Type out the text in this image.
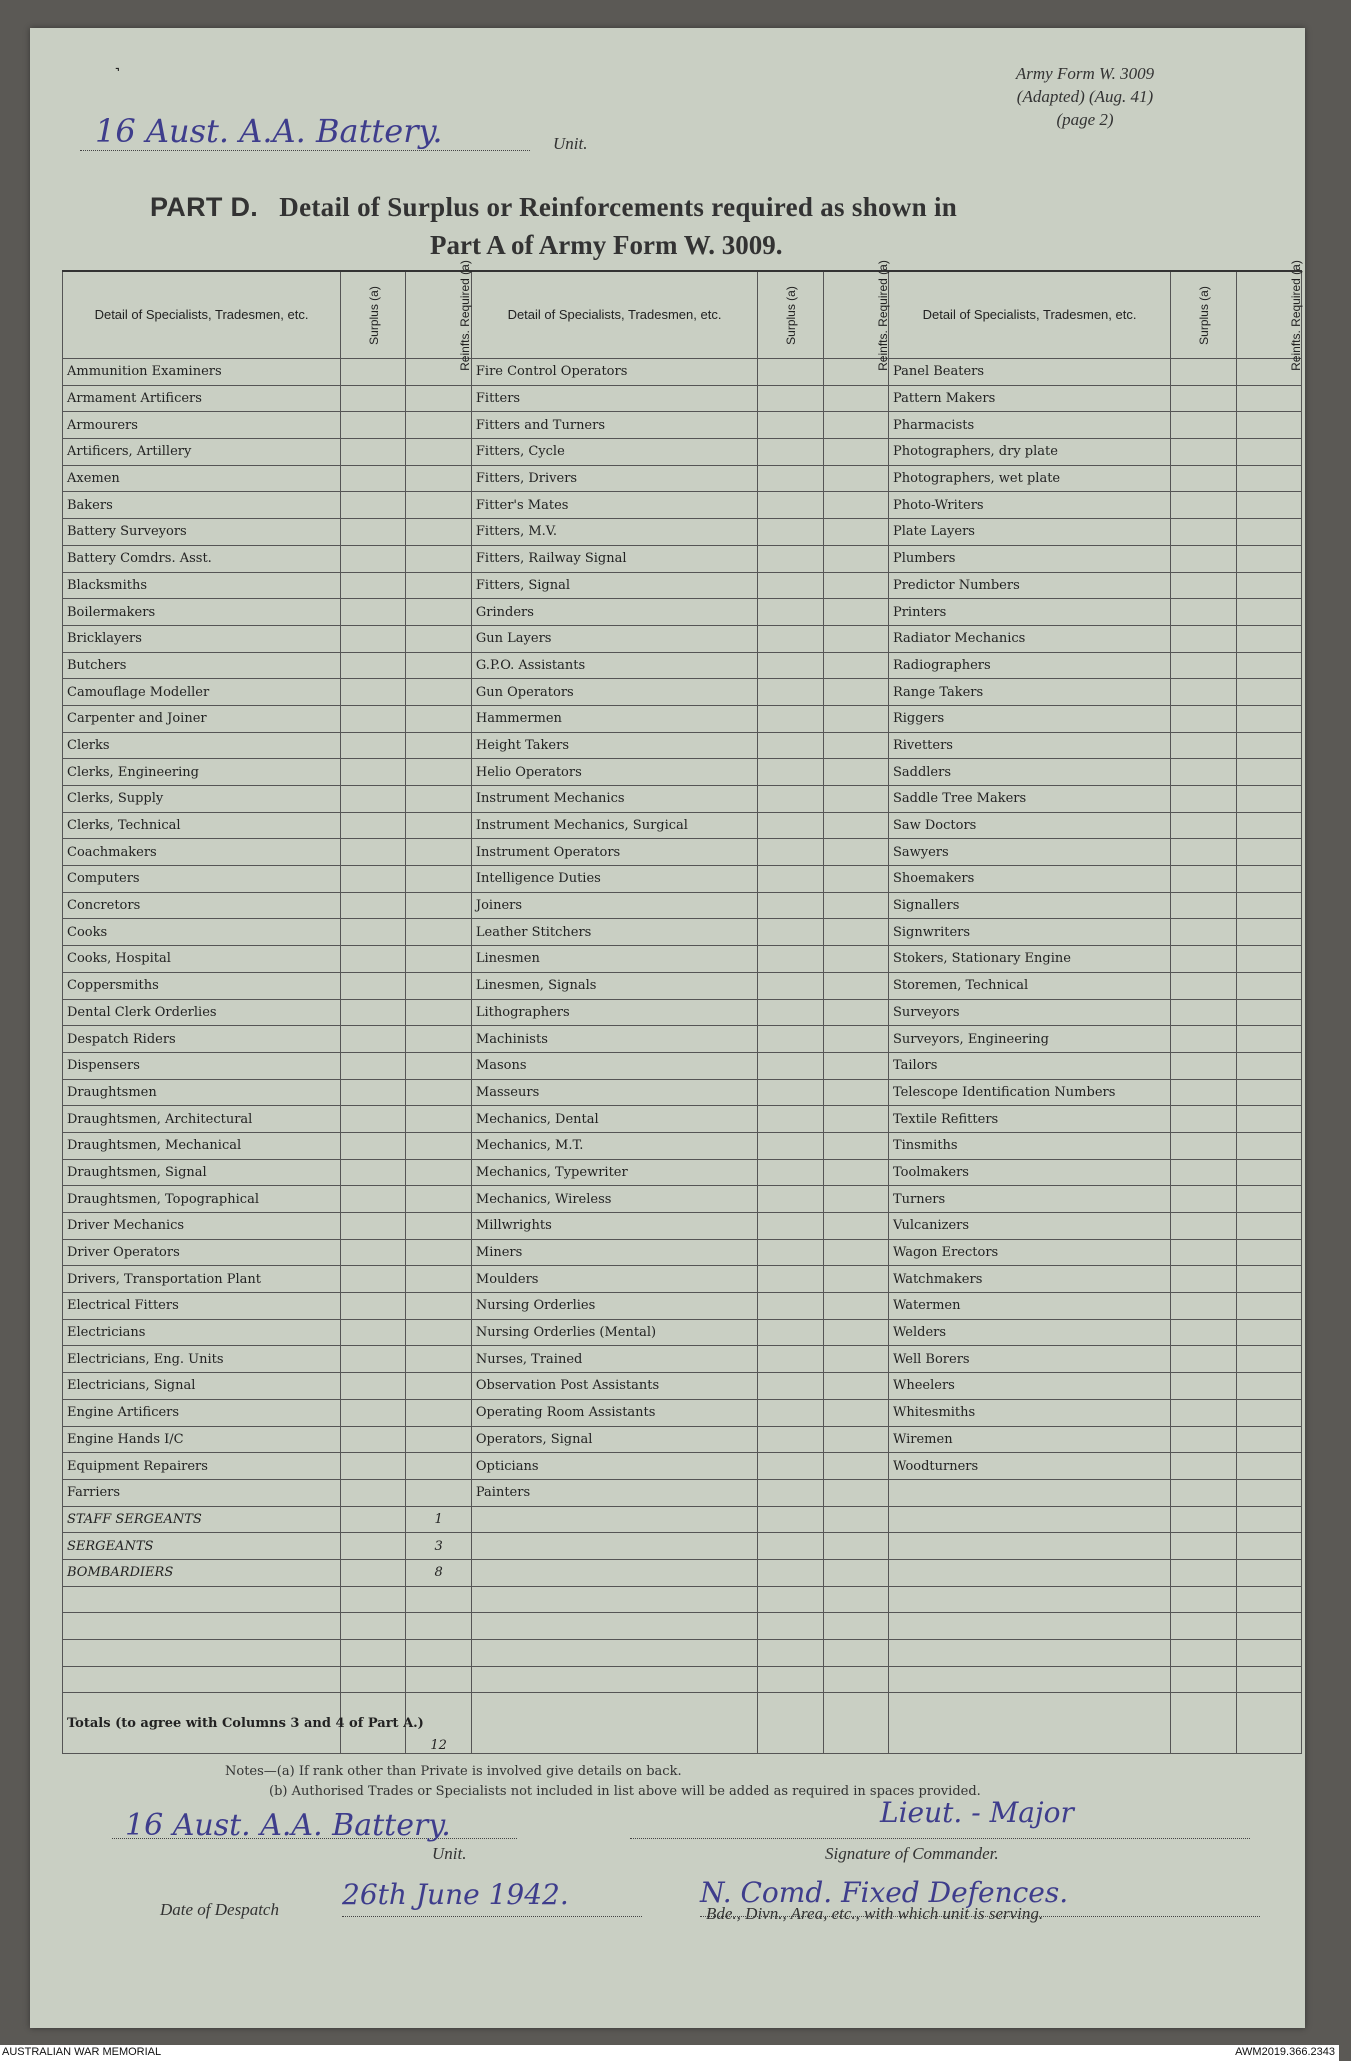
˺	Army Form W. 3009
(Adapted) (Aug. 41)
(page 2)
16 Aust. A.A. Battery.	Unit.
PART D. Detail of Surplus or Reinforcements required as shown in
Part A of Army Form W. 3009.
Detail of Specialists, Tradesmen, etc.	Surplus (a)	Reinfts. Required (a)	Detail of Specialists, Tradesmen, etc.	Surplus (a)	Reinfts. Required (a)	Detail of Specialists, Tradesmen, etc.	Surplus (a)	Reinfts. Required (a)
Ammunition Examiners			Fire Control Operators			Panel Beaters		
Armament Artificers			Fitters			Pattern Makers		
Armourers			Fitters and Turners			Pharmacists		
Artificers, Artillery			Fitters, Cycle			Photographers, dry plate		
Axemen			Fitters, Drivers			Photographers, wet plate		
Bakers			Fitter's Mates			Photo-Writers		
Battery Surveyors			Fitters, M.V.			Plate Layers		
Battery Comdrs. Asst.			Fitters, Railway Signal			Plumbers		
Blacksmiths			Fitters, Signal			Predictor Numbers		
Boilermakers			Grinders			Printers		
Bricklayers			Gun Layers			Radiator Mechanics		
Butchers			G.P.O. Assistants			Radiographers		
Camouflage Modeller			Gun Operators			Range Takers		
Carpenter and Joiner			Hammermen			Riggers		
Clerks			Height Takers			Rivetters		
Clerks, Engineering			Helio Operators			Saddlers		
Clerks, Supply			Instrument Mechanics			Saddle Tree Makers		
Clerks, Technical			Instrument Mechanics, Surgical			Saw Doctors		
Coachmakers			Instrument Operators			Sawyers		
Computers			Intelligence Duties			Shoemakers		
Concretors			Joiners			Signallers		
Cooks			Leather Stitchers			Signwriters		
Cooks, Hospital			Linesmen			Stokers, Stationary Engine		
Coppersmiths			Linesmen, Signals			Storemen, Technical		
Dental Clerk Orderlies			Lithographers			Surveyors		
Despatch Riders			Machinists			Surveyors, Engineering		
Dispensers			Masons			Tailors		
Draughtsmen			Masseurs			Telescope Identification Numbers		
Draughtsmen, Architectural			Mechanics, Dental			Textile Refitters		
Draughtsmen, Mechanical			Mechanics, M.T.			Tinsmiths		
Draughtsmen, Signal			Mechanics, Typewriter			Toolmakers		
Draughtsmen, Topographical			Mechanics, Wireless			Turners		
Driver Mechanics			Millwrights			Vulcanizers		
Driver Operators			Miners			Wagon Erectors		
Drivers, Transportation Plant			Moulders			Watchmakers		
Electrical Fitters			Nursing Orderlies			Watermen		
Electricians			Nursing Orderlies (Mental)			Welders		
Electricians, Eng. Units			Nurses, Trained			Well Borers		
Electricians, Signal			Observation Post Assistants			Wheelers		
Engine Artificers			Operating Room Assistants			Whitesmiths		
Engine Hands I/C			Operators, Signal			Wiremen		
Equipment Repairers			Opticians			Woodturners		
Farriers			Painters					
STAFF SERGEANTS		1						
SERGEANTS		3						
BOMBARDIERS		8						

Totals (to agree with Columns 3 and 4 of Part A.)		12						
Notes—(a) If rank other than Private is involved give details on back.
(b) Authorised Trades or Specialists not included in list above will be added as required in spaces provided.
16 Aust. A.A. Battery.
Unit.
Lieut. - Major
Signature of Commander.
Date of Despatch 26th June 1942.	N. Comd. Fixed Defences.
Bde., Divn., Area, etc., with which unit is serving.
AUSTRALIAN WAR MEMORIAL	AWM2019.366.2343
